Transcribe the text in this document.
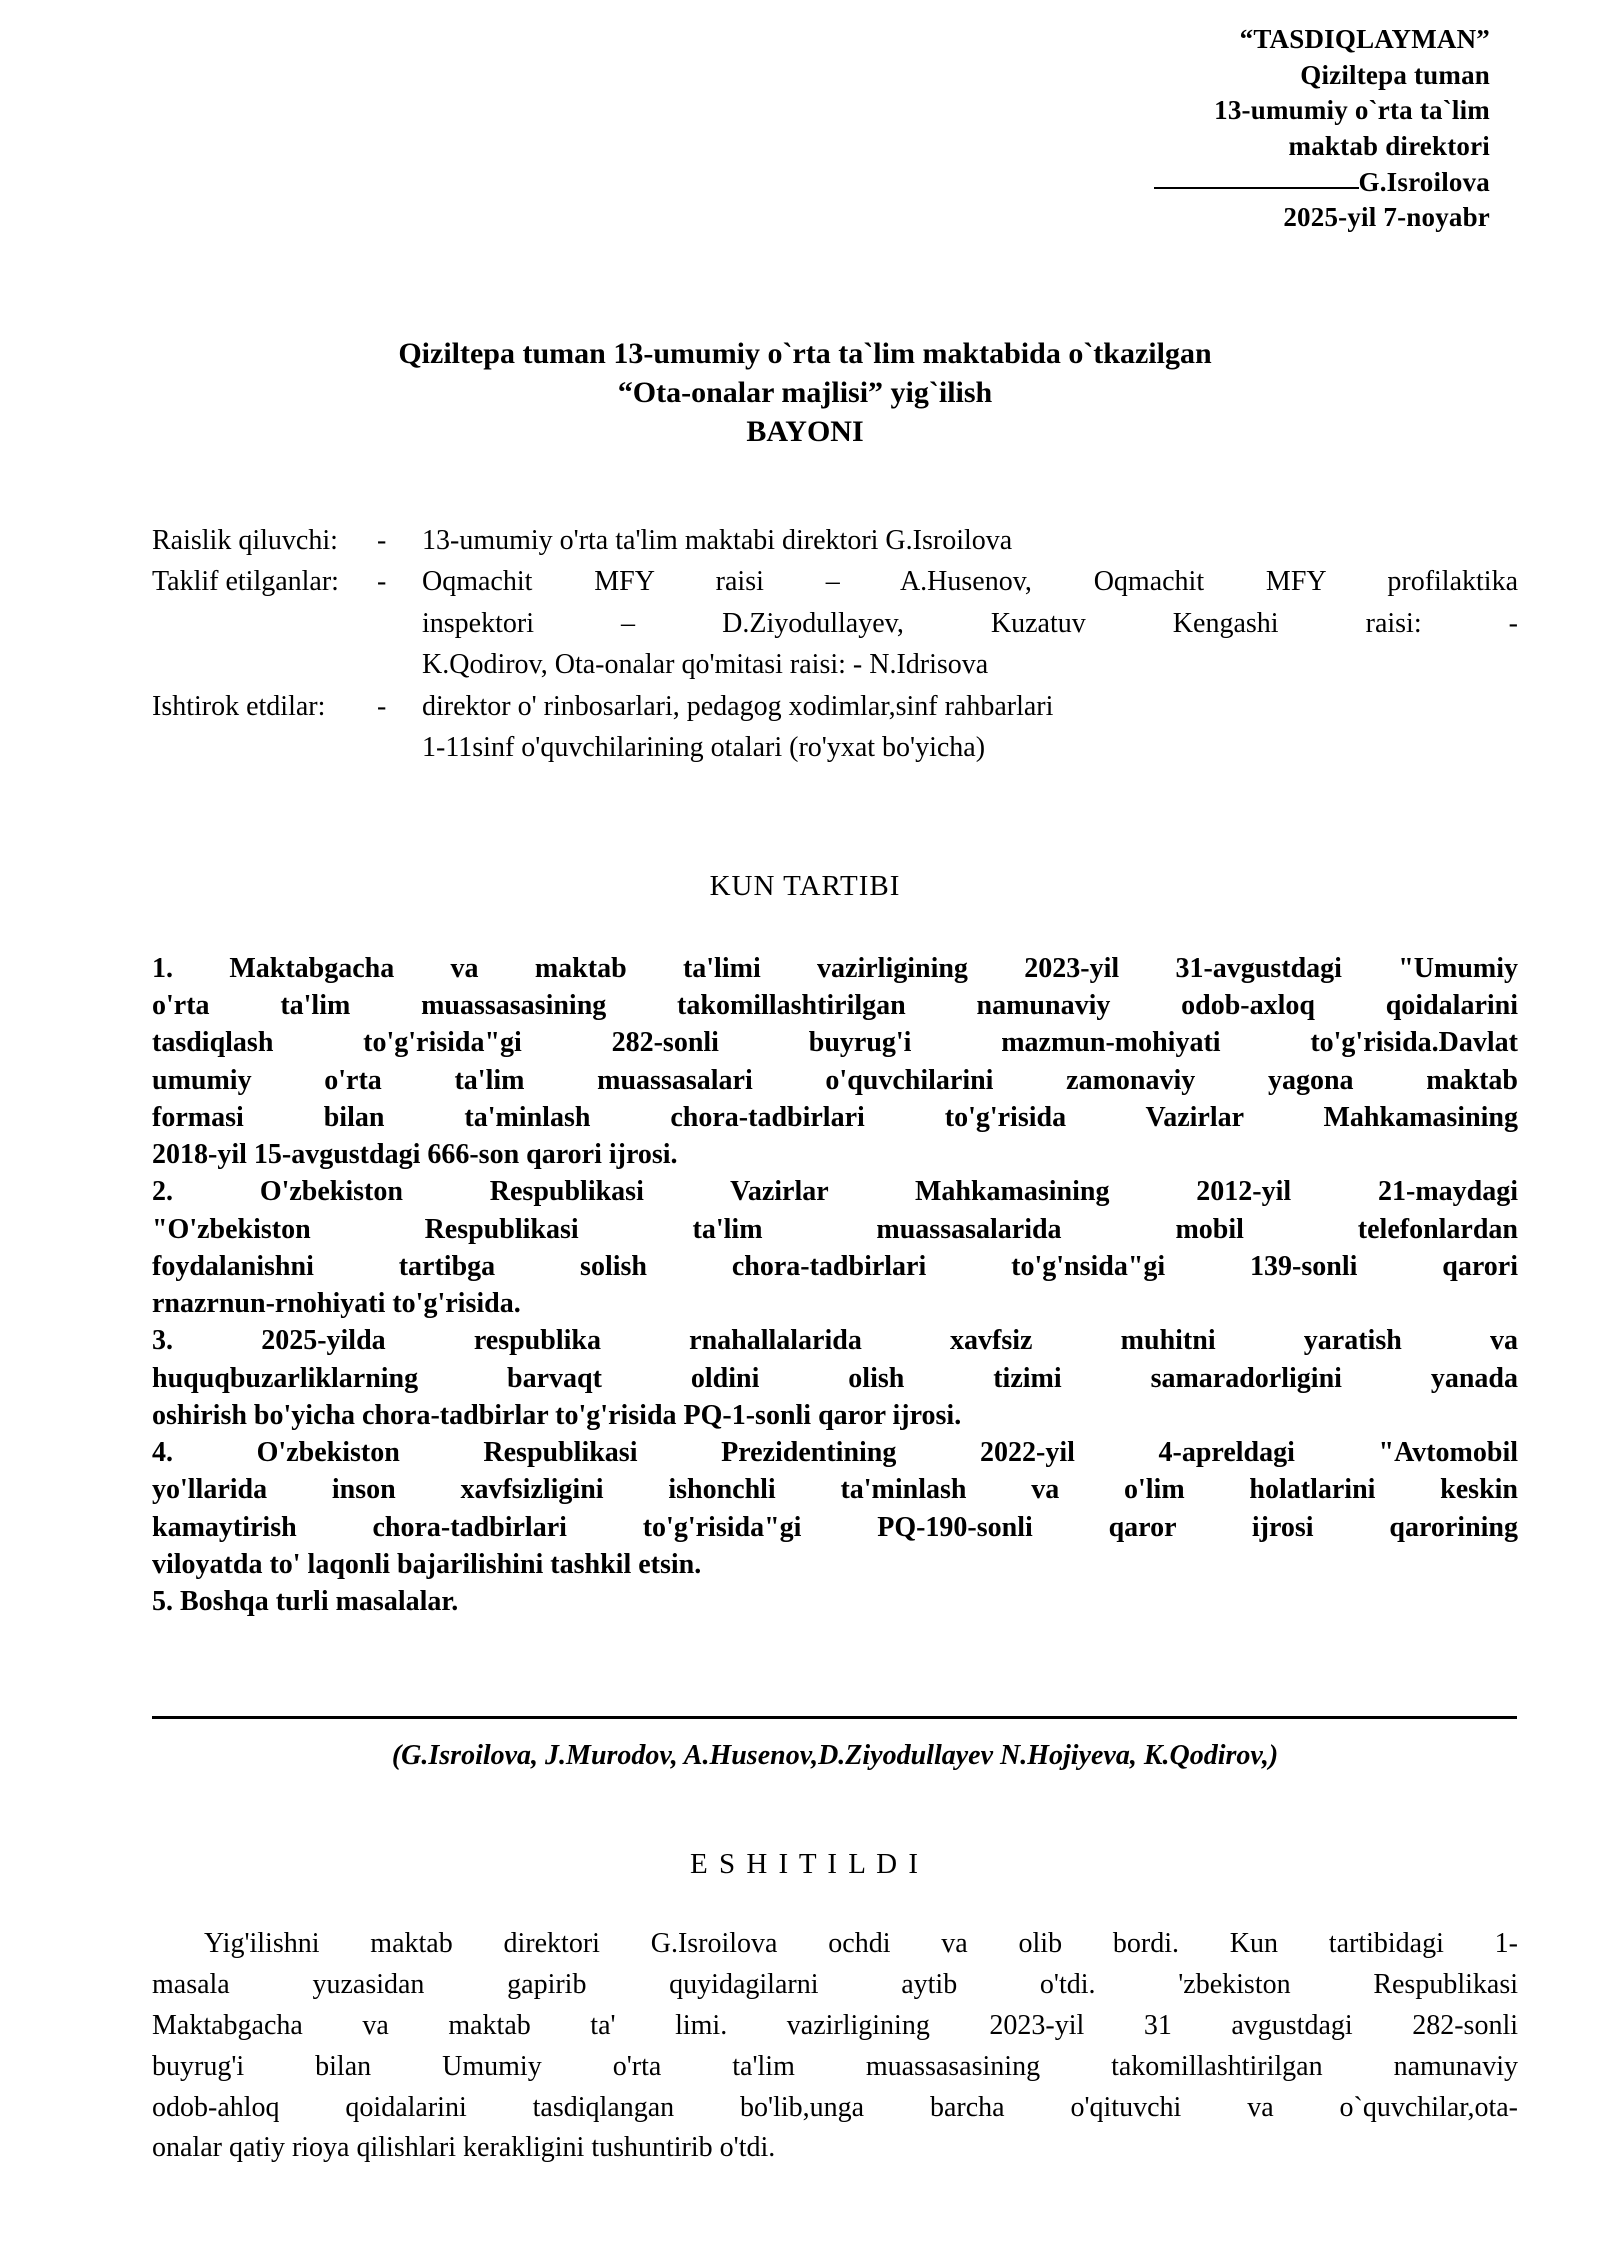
“TASDIQLAYMAN”
Qiziltepa tuman
13-umumiy o`rta ta`lim
maktab direktori
G.Isroilova
2025-yil 7-noyabr
Qiziltepa tuman 13-umumiy o`rta ta`lim maktabida o`tkazilgan
“Ota-onalar majlisi” yig`ilish
BAYONI
Raislik qiluvchi:	-	13-umumiy o'rta ta'lim maktabi direktori G.Isroilova
Taklif etilganlar:	-	Oqmachit MFY raisi – A.Husenov, Oqmachit MFY profilaktika
inspektori – D.Ziyodullayev, Kuzatuv Kengashi raisi: -
K.Qodirov, Ota-onalar qo'mitasi raisi: - N.Idrisova
Ishtirok etdilar:	-	direktor o' rinbosarlari, pedagog xodimlar,sinf rahbarlari
1-11sinf o'quvchilarining otalari (ro'yxat bo'yicha)
KUN TARTIBI
1. Maktabgacha va maktab ta'limi vazirligining 2023-yil 31-avgustdagi "Umumiy
o'rta ta'lim muassasasining takomillashtirilgan namunaviy odob-axloq qoidalarini
tasdiqlash to'g'risida"gi 282-sonli buyrug'i mazmun-mohiyati to'g'risida.Davlat
umumiy o'rta ta'lim muassasalari o'quvchilarini zamonaviy yagona maktab
formasi bilan ta'minlash chora-tadbirlari to'g'risida Vazirlar Mahkamasining
2018-yil 15-avgustdagi 666-son qarori ijrosi.
2. O'zbekiston Respublikasi Vazirlar Mahkamasining 2012-yil 21-maydagi
"O'zbekiston Respublikasi ta'lim muassasalarida mobil telefonlardan
foydalanishni tartibga solish chora-tadbirlari to'g'nsida"gi 139-sonli qarori
rnazrnun-rnohiyati to'g'risida.
3. 2025-yilda respublika rnahallalarida xavfsiz muhitni yaratish va
huquqbuzarliklarning barvaqt oldini olish tizimi samaradorligini yanada
oshirish bo'yicha chora-tadbirlar to'g'risida PQ-1-sonli qaror ijrosi.
4. O'zbekiston Respublikasi Prezidentining 2022-yil 4-apreldagi "Avtomobil
yo'llarida inson xavfsizligini ishonchli ta'minlash va o'lim holatlarini keskin
kamaytirish chora-tadbirlari to'g'risida"gi PQ-190-sonli qaror ijrosi qarorining
viloyatda to' laqonli bajarilishini tashkil etsin.
5. Boshqa turli masalalar.
(G.Isroilova, J.Murodov, A.Husenov,D.Ziyodullayev N.Hojiyeva, K.Qodirov,)
E S H I T I L D I
Yig'ilishni maktab direktori G.Isroilova ochdi va olib bordi. Kun tartibidagi 1-
masala yuzasidan gapirib quyidagilarni aytib o'tdi. 'zbekiston Respublikasi
Maktabgacha va maktab ta' limi. vazirligining 2023-yil 31 avgustdagi 282-sonli
buyrug'i bilan Umumiy o'rta ta'lim muassasasining takomillashtirilgan namunaviy
odob-ahloq qoidalarini tasdiqlangan bo'lib,unga barcha o'qituvchi va o`quvchilar,ota-
onalar qatiy rioya qilishlari kerakligini tushuntirib o'tdi.
